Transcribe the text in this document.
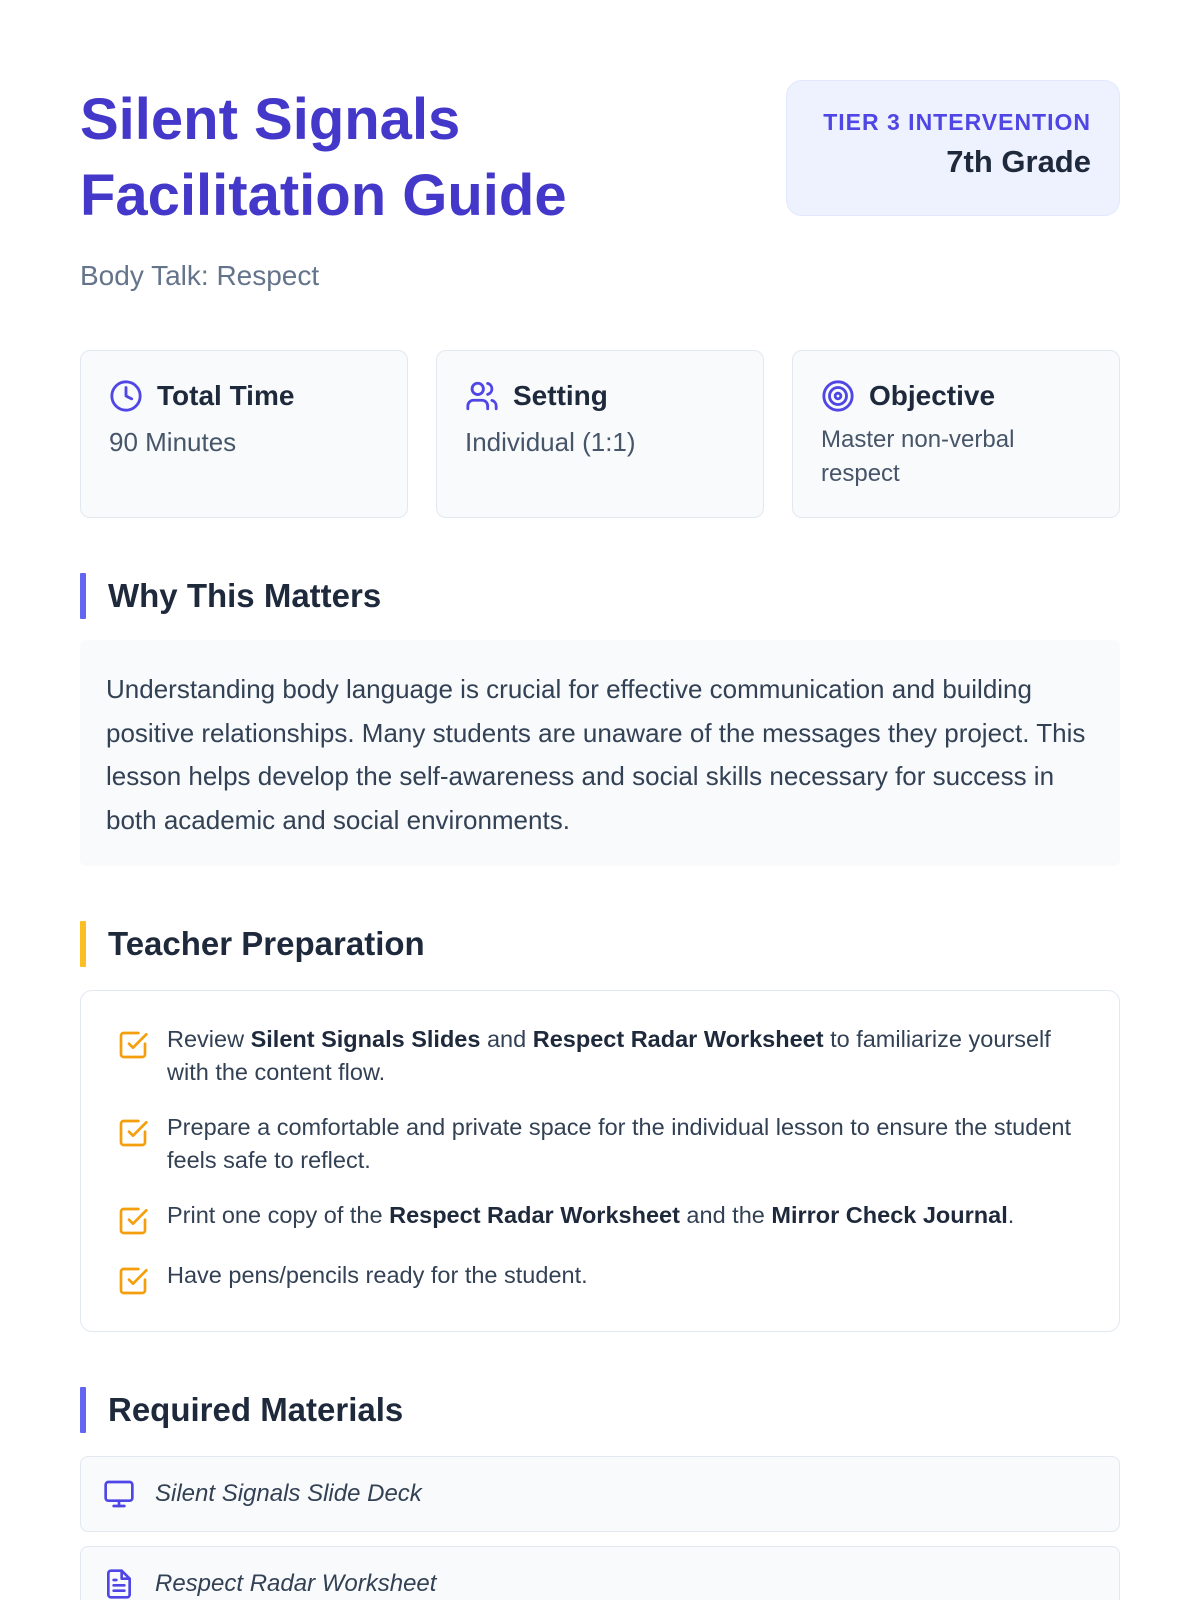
Silent Signals
Facilitation Guide
Body Talk: Respect
TIER 3 INTERVENTION
7th Grade
Total Time
90 Minutes
Setting
Individual (1:1)
Objective
Master non-verbal respect
Why This Matters
Understanding body language is crucial for effective communication and building positive relationships. Many students are unaware of the messages they project. This lesson helps develop the self-awareness and social skills necessary for success in both academic and social environments.
Teacher Preparation
Review Silent Signals Slides and Respect Radar Worksheet to familiarize yourself with the content flow.
Prepare a comfortable and private space for the individual lesson to ensure the student feels safe to reflect.
Print one copy of the Respect Radar Worksheet and the Mirror Check Journal.
Have pens/pencils ready for the student.
Required Materials
Silent Signals Slide Deck
Respect Radar Worksheet
